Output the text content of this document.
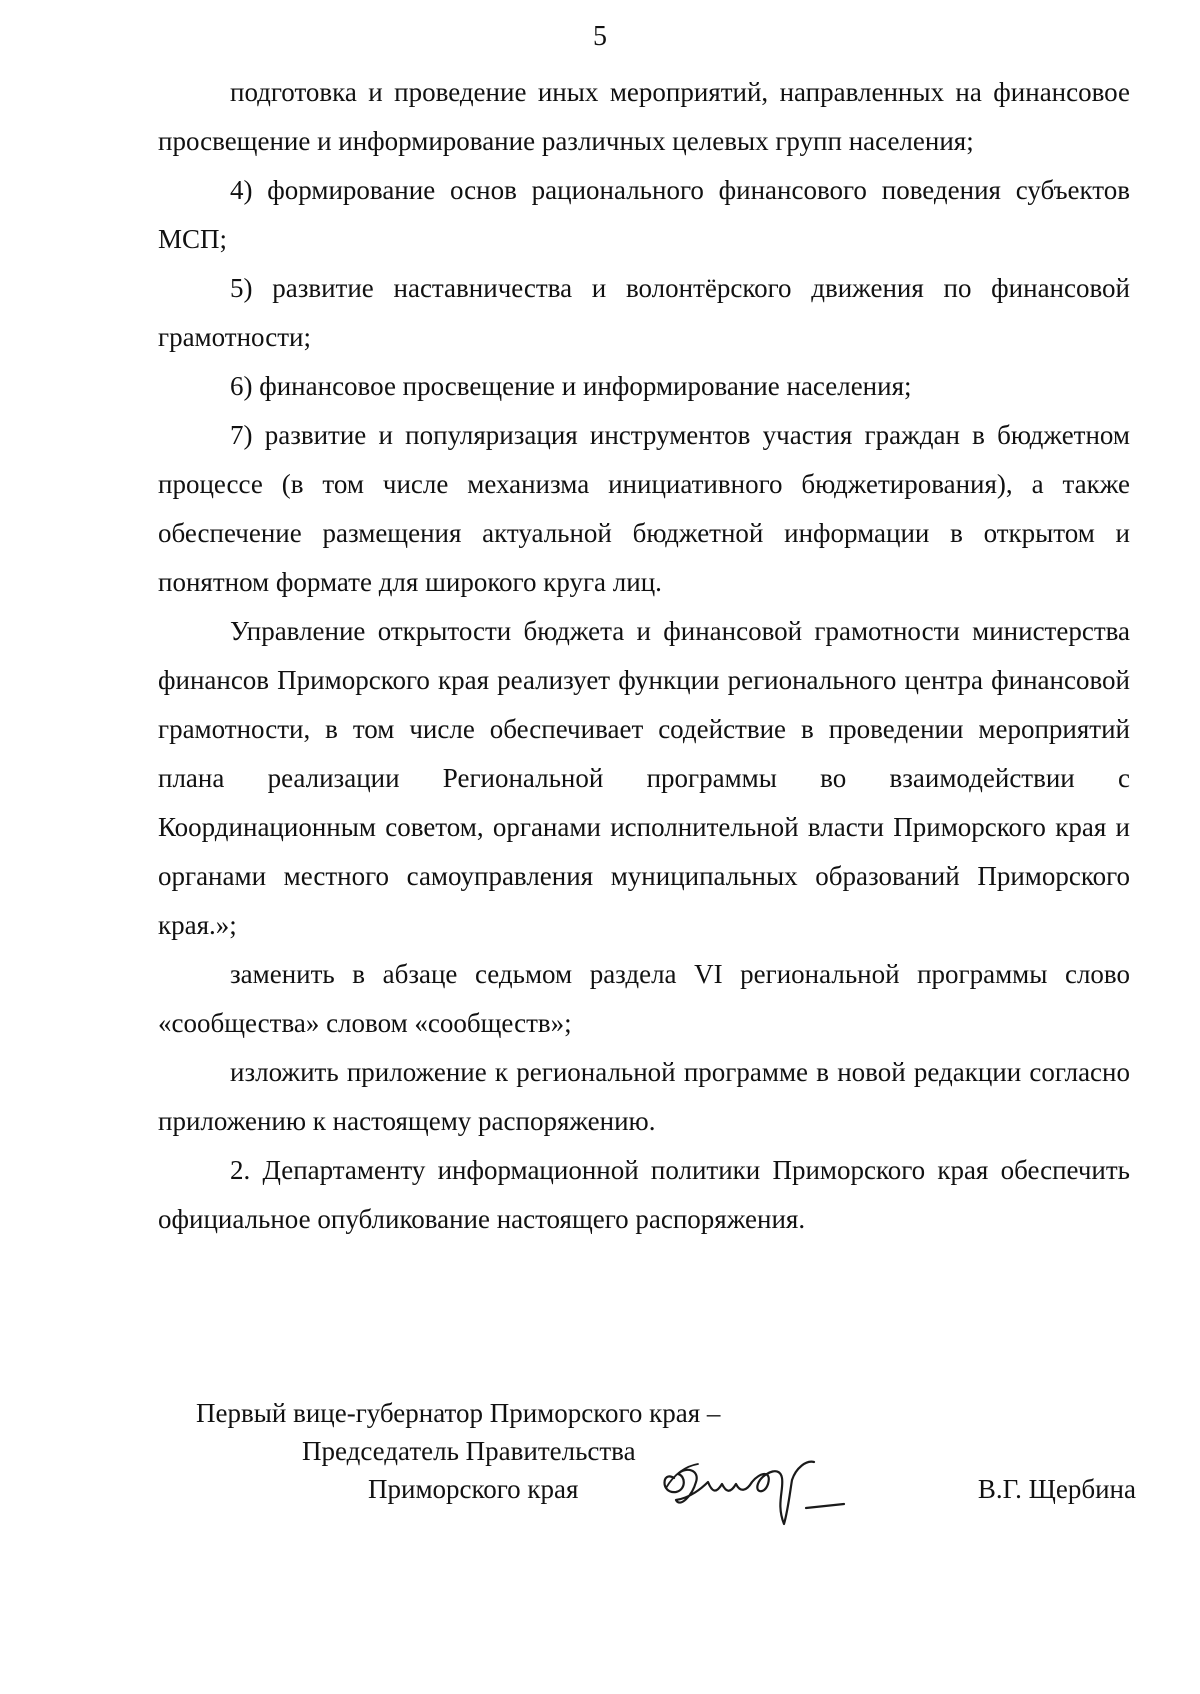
5

подготовка и проведение иных мероприятий, направленных на финансовое просвещение и информирование различных целевых групп населения;

4) формирование основ рационального финансового поведения субъектов МСП;

5) развитие наставничества и волонтёрского движения по финансовой грамотности;

6) финансовое просвещение и информирование населения;

7) развитие и популяризация инструментов участия граждан в бюджетном процессе (в том числе механизма инициативного бюджетирования), а также обеспечение размещения актуальной бюджетной информации в открытом и понятном формате для широкого круга лиц.

Управление открытости бюджета и финансовой грамотности министерства финансов Приморского края реализует функции регионального центра финансовой грамотности, в том числе обеспечивает содействие в проведении мероприятий плана реализации Региональной программы во взаимодействии с Координационным советом, органами исполнительной власти Приморского края и органами местного самоуправления муниципальных образований Приморского края.»;

заменить в абзаце седьмом раздела VI региональной программы слово «сообщества» словом «сообществ»;

изложить приложение к региональной программе в новой редакции согласно приложению к настоящему распоряжению.

2. Департаменту информационной политики Приморского края обеспечить официальное опубликование настоящего распоряжения.

Первый вице-губернатор Приморского края –
Председатель Правительства
Приморского края	В.Г. Щербина
